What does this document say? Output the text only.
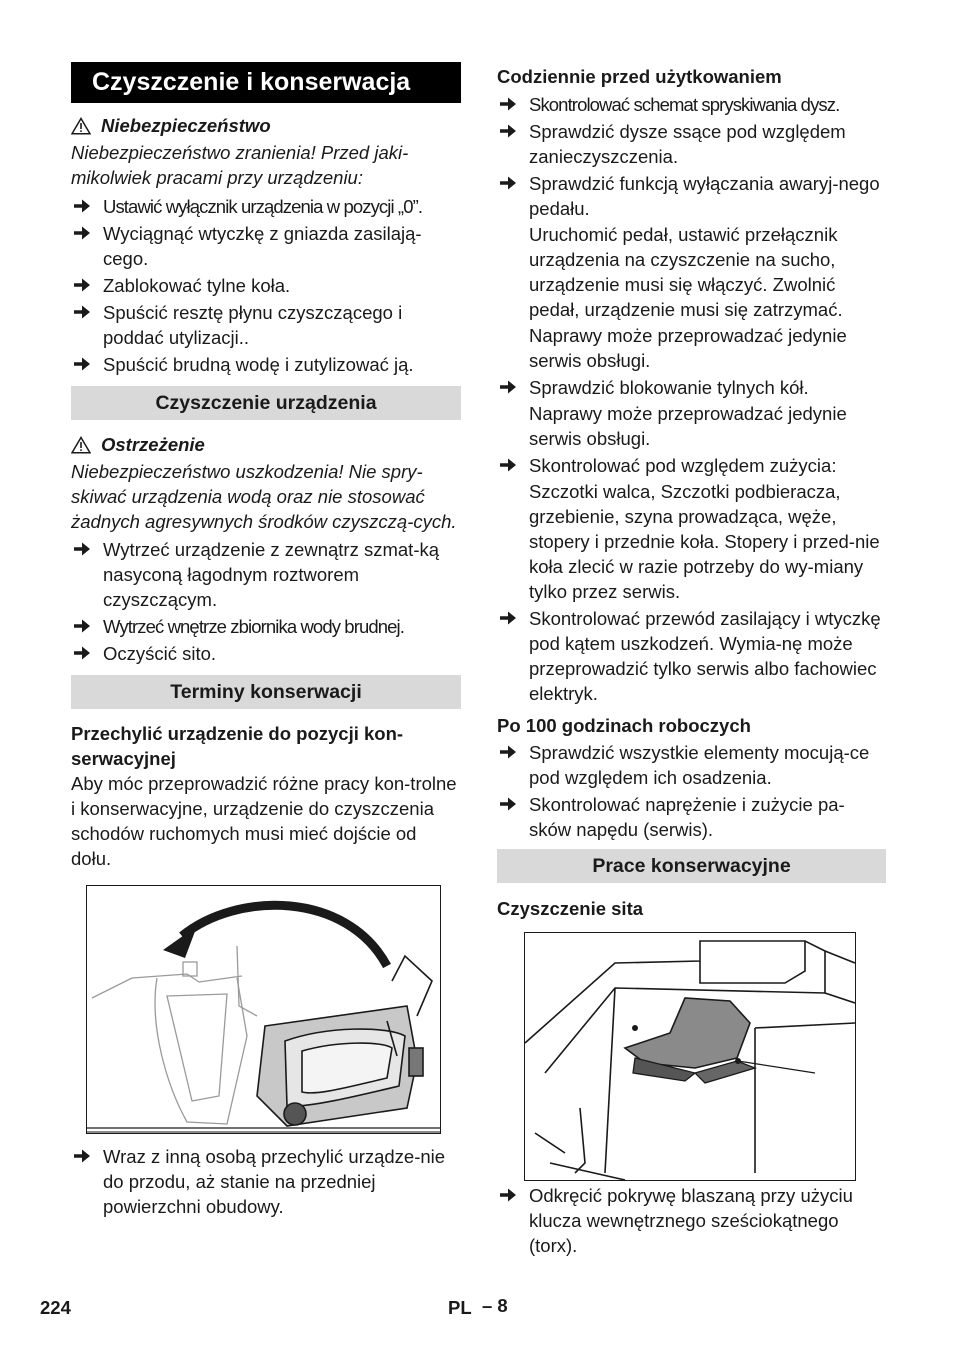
Czyszczenie i konserwacja
Niebezpieczeństwo
Niebezpieczeństwo zranienia! Przed jaki-mikolwiek pracami przy urządzeniu:
Ustawić wyłącznik urządzenia w pozycji „0”.
Wyciągnąć wtyczkę z gniazda zasilają-cego.
Zablokować tylne koła.
Spuścić resztę płynu czyszczącego i poddać utylizacji..
Spuścić brudną wodę i zutylizować ją.
Czyszczenie urządzenia
Ostrzeżenie
Niebezpieczeństwo uszkodzenia! Nie spry-skiwać urządzenia wodą oraz nie stosować żadnych agresywnych środków czyszczą-cych.
Wytrzeć urządzenie z zewnątrz szmat-ką nasyconą łagodnym roztworem czyszczącym.
Wytrzeć wnętrze zbiornika wody brudnej.
Oczyścić sito.
Terminy konserwacji
Przechylić urządzenie do pozycji kon-serwacyjnej
Aby móc przeprowadzić różne pracy kon-trolne i konserwacyjne, urządzenie do czyszczenia schodów ruchomych musi mieć dojście od dołu.
Wraz z inną osobą przechylić urządze-nie do przodu, aż stanie na przedniej powierzchni obudowy.
Codziennie przed użytkowaniem
Skontrolować schemat spryskiwania dysz.
Sprawdzić dysze ssące pod względem zanieczyszczenia.
Sprawdzić funkcją wyłączania awaryj-nego pedału.
Uruchomić pedał, ustawić przełącznik urządzenia na czyszczenie na sucho, urządzenie musi się włączyć. Zwolnić pedał, urządzenie musi się zatrzymać.
Naprawy może przeprowadzać jedynie serwis obsługi.
Sprawdzić blokowanie tylnych kół.
Naprawy może przeprowadzać jedynie serwis obsługi.
Skontrolować pod względem zużycia:
Szczotki walca, Szczotki podbieracza, grzebienie, szyna prowadząca, węże, stopery i przednie koła. Stopery i przed-nie koła zlecić w razie potrzeby do wy-miany tylko przez serwis.
Skontrolować przewód zasilający i wtyczkę pod kątem uszkodzeń. Wymia-nę może przeprowadzić tylko serwis albo fachowiec elektryk.
Po 100 godzinach roboczych
Sprawdzić wszystkie elementy mocują-ce pod względem ich osadzenia.
Skontrolować naprężenie i zużycie pa-sków napędu (serwis).
Prace konserwacyjne
Czyszczenie sita
Odkręcić pokrywę blaszaną przy użyciu klucza wewnętrznego sześciokątnego (torx).
224	PL – 8
